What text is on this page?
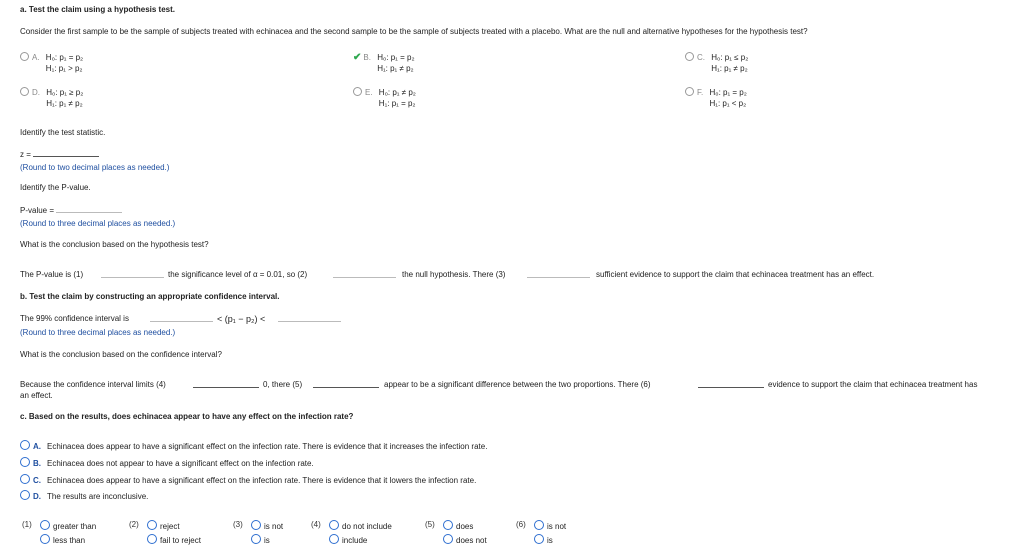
a. Test the claim using a hypothesis test.
Consider the first sample to be the sample of subjects treated with echinacea and the second sample to be the sample of subjects treated with a placebo. What are the null and alternative hypotheses for the hypothesis test?
A. H₀: p₁ = p₂
H₁: p₁ > p₂
✔ B. H₀: p₁ = p₂
H₁: p₁ ≠ p₂
C. H₀: p₁ ≤ p₂
H₁: p₁ ≠ p₂
D. H₀: p₁ ≥ p₂
H₁: p₁ ≠ p₂
E. H₀: p₁ ≠ p₂
H₁: p₁ = p₂
F. H₀: p₁ = p₂
H₁: p₁ < p₂
Identify the test statistic.
z =
(Round to two decimal places as needed.)
Identify the P-value.
P-value =
(Round to three decimal places as needed.)
What is the conclusion based on the hypothesis test?
The P-value is (1)	the significance level of α = 0.01, so (2)	the null hypothesis. There (3)	sufficient evidence to support the claim that echinacea treatment has an effect.
b. Test the claim by constructing an appropriate confidence interval.
The 99% confidence interval is	< (p₁ − p₂) <
(Round to three decimal places as needed.)
What is the conclusion based on the confidence interval?
Because the confidence interval limits (4)	0, there (5)	appear to be a significant difference between the two proportions. There (6)	evidence to support the claim that echinacea treatment has
an effect.
c. Based on the results, does echinacea appear to have any effect on the infection rate?
A. Echinacea does appear to have a significant effect on the infection rate. There is evidence that it increases the infection rate.
B. Echinacea does not appear to have a significant effect on the infection rate.
C. Echinacea does appear to have a significant effect on the infection rate. There is evidence that it lowers the infection rate.
D. The results are inconclusive.
(1)	greater than
less than
(2)	reject
fail to reject
(3)	is not
is
(4)	do not include
include
(5)	does
does not
(6)	is not
is
